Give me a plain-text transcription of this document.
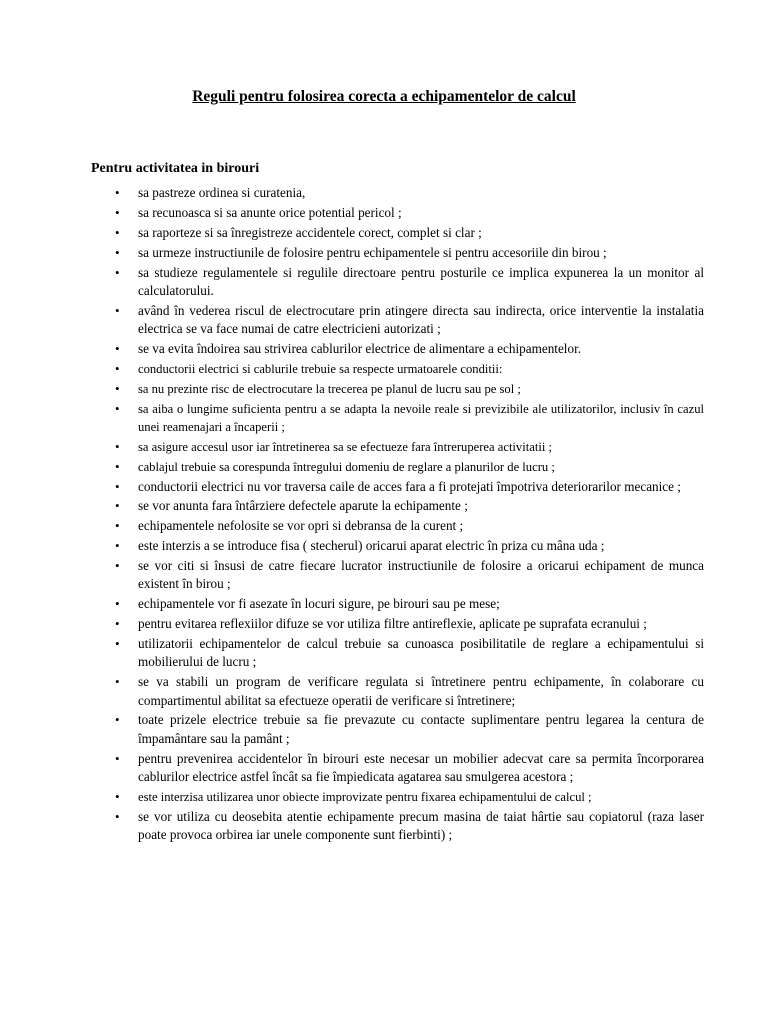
Reguli pentru folosirea corecta a echipamentelor de calcul
Pentru activitatea in birouri
• sa pastreze ordinea si curatenia,
• sa recunoasca si sa anunte orice potential pericol ;
• sa raporteze si sa înregistreze accidentele corect, complet si clar ;
• sa urmeze instructiunile de folosire pentru echipamentele si pentru accesoriile din birou ;
• sa studieze regulamentele si regulile directoare pentru posturile ce implica expunerea la un monitor al calculatorului.
• având în vederea riscul de electrocutare prin atingere directa sau indirecta, orice interventie la instalatia electrica se va face numai de catre electricieni autorizati ;
• se va evita îndoirea sau strivirea cablurilor electrice de alimentare a echipamentelor.
• conductorii electrici si cablurile trebuie sa respecte urmatoarele conditii:
• sa nu prezinte risc de electrocutare la trecerea pe planul de lucru sau pe sol ;
• sa aiba o lungime suficienta pentru a se adapta la nevoile reale si previzibile ale utilizatorilor, inclusiv în cazul unei reamenajari a încaperii ;
• sa asigure accesul usor iar întretinerea sa se efectueze fara întreruperea activitatii ;
• cablajul trebuie sa corespunda întregului domeniu de reglare a planurilor de lucru ;
• conductorii electrici nu vor traversa caile de acces fara a fi protejati împotriva deteriorarilor mecanice ;
• se vor anunta fara întârziere defectele aparute la echipamente ;
• echipamentele nefolosite se vor opri si debransa de la curent ;
• este interzis a se introduce fisa ( stecherul) oricarui aparat electric în priza cu mâna uda ;
• se vor citi si însusi de catre fiecare lucrator instructiunile de folosire a oricarui echipament de munca existent în birou ;
• echipamentele vor fi asezate în locuri sigure, pe birouri sau pe mese;
• pentru evitarea reflexiilor difuze se vor utiliza filtre antireflexie, aplicate pe suprafata ecranului ;
• utilizatorii echipamentelor de calcul trebuie sa cunoasca posibilitatile de reglare a echipamentului si mobilierului de lucru ;
• se va stabili un program de verificare regulata si întretinere pentru echipamente, în colaborare cu compartimentul abilitat sa efectueze operatii de verificare si întretinere;
• toate prizele electrice trebuie sa fie prevazute cu contacte suplimentare pentru legarea la centura de împamântare sau la pamânt ;
• pentru prevenirea accidentelor în birouri este necesar un mobilier adecvat care sa permita încorporarea cablurilor electrice astfel încât sa fie împiedicata agatarea sau smulgerea acestora ;
• este interzisa utilizarea unor obiecte improvizate pentru fixarea echipamentului de calcul ;
• se vor utiliza cu deosebita atentie echipamente precum masina de taiat hârtie sau copiatorul (raza laser poate provoca orbirea iar unele componente sunt fierbinti) ;
